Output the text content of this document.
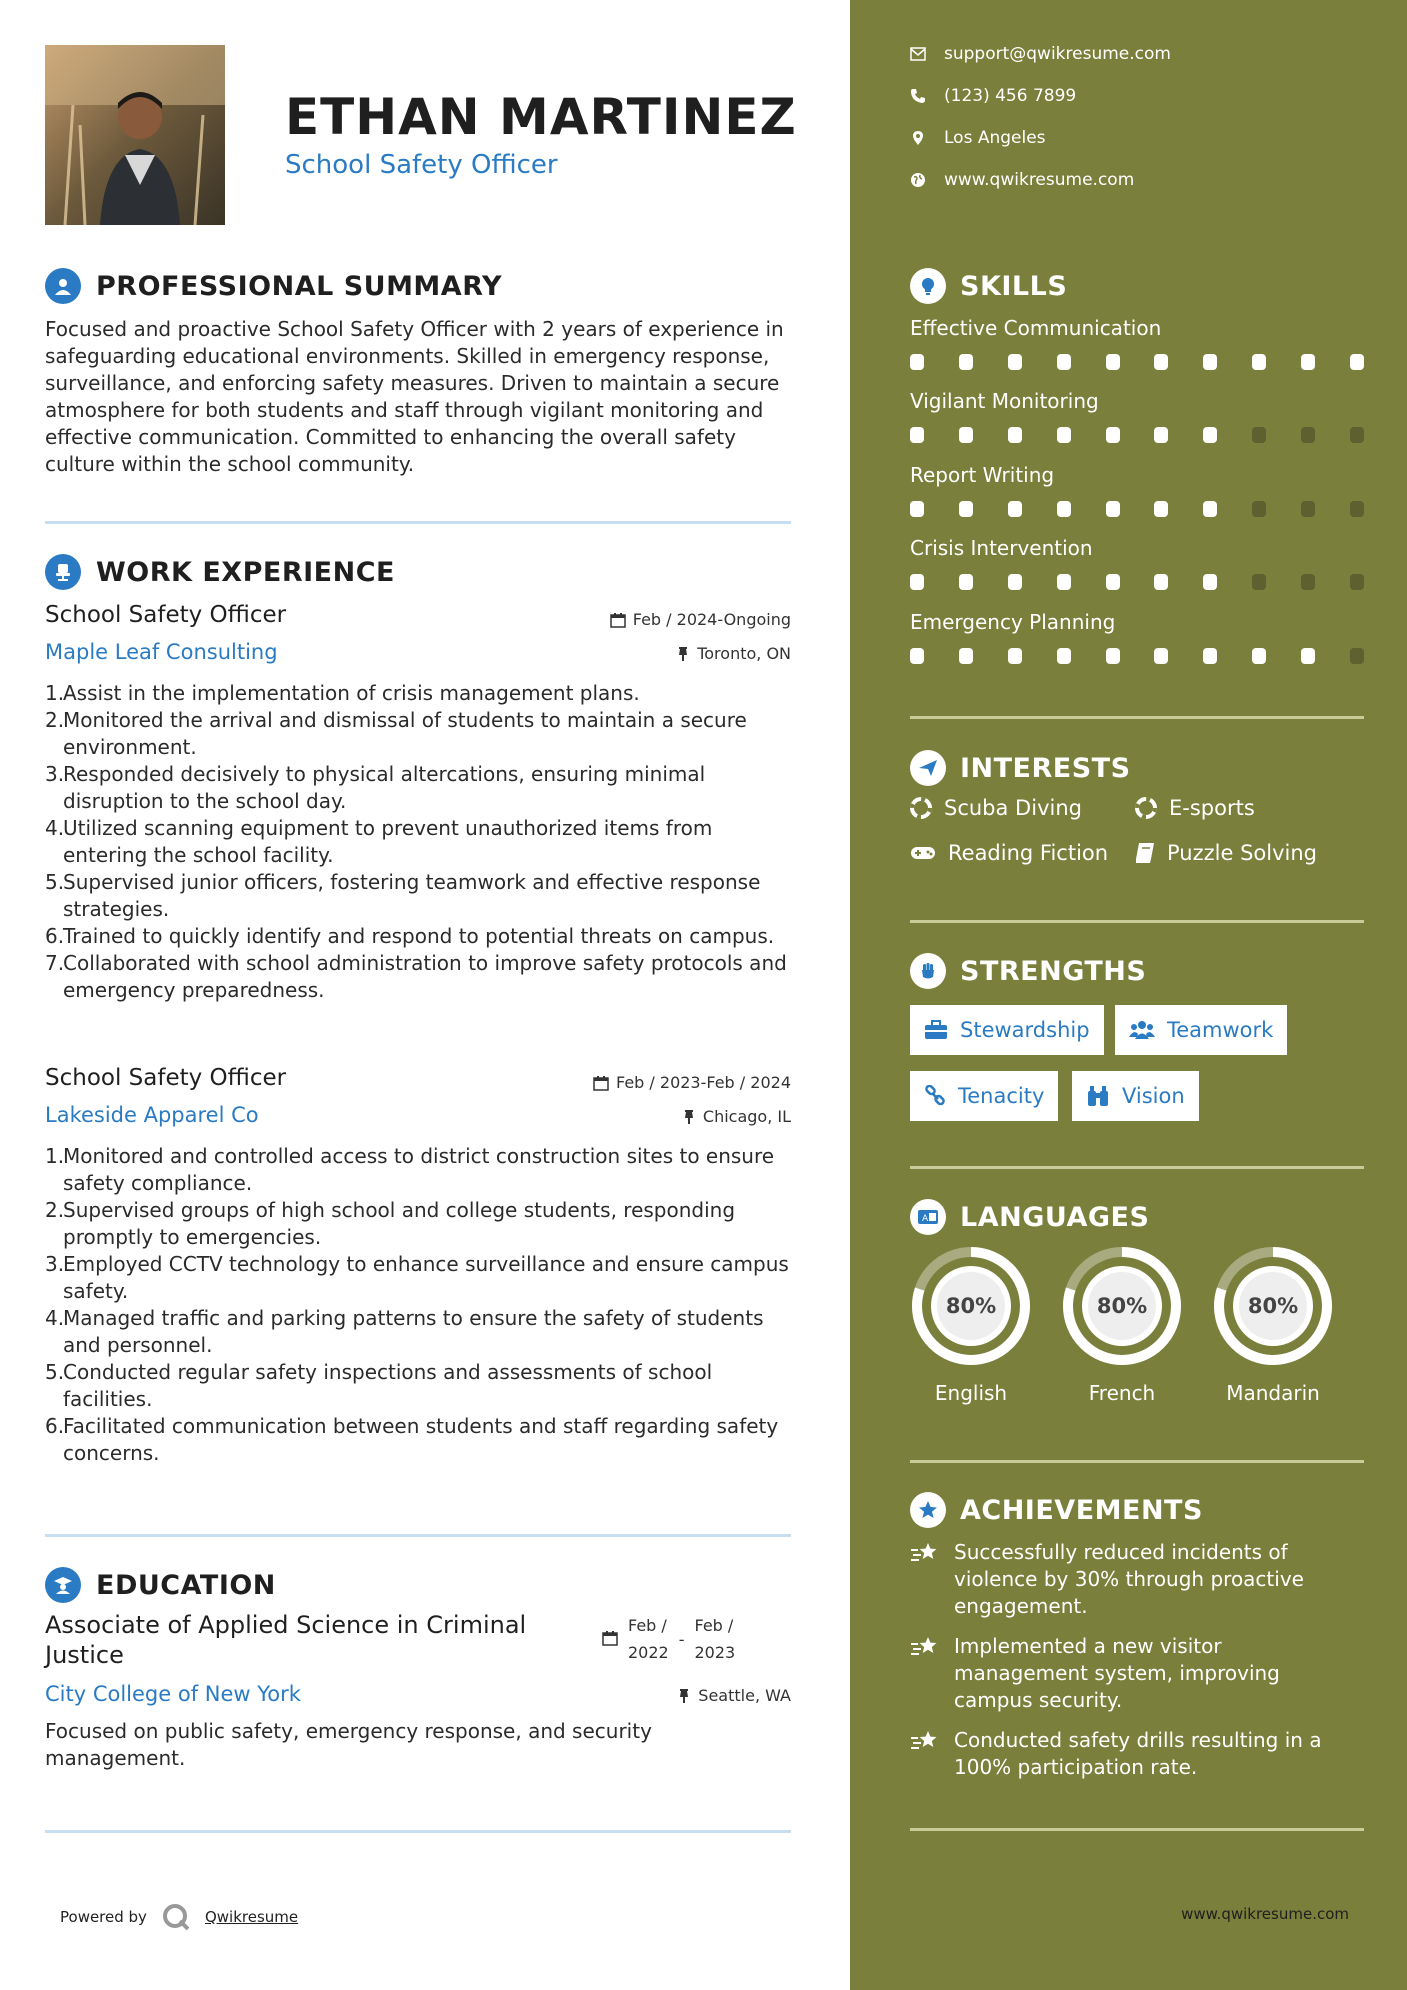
ETHAN MARTINEZ
School Safety Officer
PROFESSIONAL SUMMARY
Focused and proactive School Safety Officer with 2 years of experience in safeguarding educational environments. Skilled in emergency response, surveillance, and enforcing safety measures. Driven to maintain a secure atmosphere for both students and staff through vigilant monitoring and effective communication. Committed to enhancing the overall safety culture within the school community.
WORK EXPERIENCE
School Safety Officer
Maple Leaf Consulting
Feb / 2024-Ongoing
Toronto, ON
1.
Assist in the implementation of crisis management plans.
2.
Monitored the arrival and dismissal of students to maintain a secure environment.
3.
Responded decisively to physical altercations, ensuring minimal disruption to the school day.
4.
Utilized scanning equipment to prevent unauthorized items from entering the school facility.
5.
Supervised junior officers, fostering teamwork and effective response strategies.
6.
Trained to quickly identify and respond to potential threats on campus.
7.
Collaborated with school administration to improve safety protocols and emergency preparedness.
School Safety Officer
Lakeside Apparel Co
Feb / 2023-Feb / 2024
Chicago, IL
1.
Monitored and controlled access to district construction sites to ensure safety compliance.
2.
Supervised groups of high school and college students, responding promptly to emergencies.
3.
Employed CCTV technology to enhance surveillance and ensure campus safety.
4.
Managed traffic and parking patterns to ensure the safety of students and personnel.
5.
Conducted regular safety inspections and assessments of school facilities.
6.
Facilitated communication between students and staff regarding safety concerns.
EDUCATION
Associate of Applied Science in Criminal Justice
Feb /
2022
-
Feb /
2023
City College of New York	Seattle, WA
Focused on public safety, emergency response, and security management.
Powered by	Qwikresume
support@qwikresume.com
(123) 456 7899
Los Angeles
www.qwikresume.com
SKILLS
Effective Communication
Vigilant Monitoring
Report Writing
Crisis Intervention
Emergency Planning
INTERESTS
Scuba Diving	E-sports
Reading Fiction	Puzzle Solving
STRENGTHS
Stewardship	Teamwork
Tenacity	Vision
A LANGUAGES
80%	80%	80%
English	French	Mandarin
ACHIEVEMENTS
Successfully reduced incidents of violence by 30% through proactive engagement.
Implemented a new visitor management system, improving campus security.
Conducted safety drills resulting in a 100% participation rate.
www.qwikresume.com
